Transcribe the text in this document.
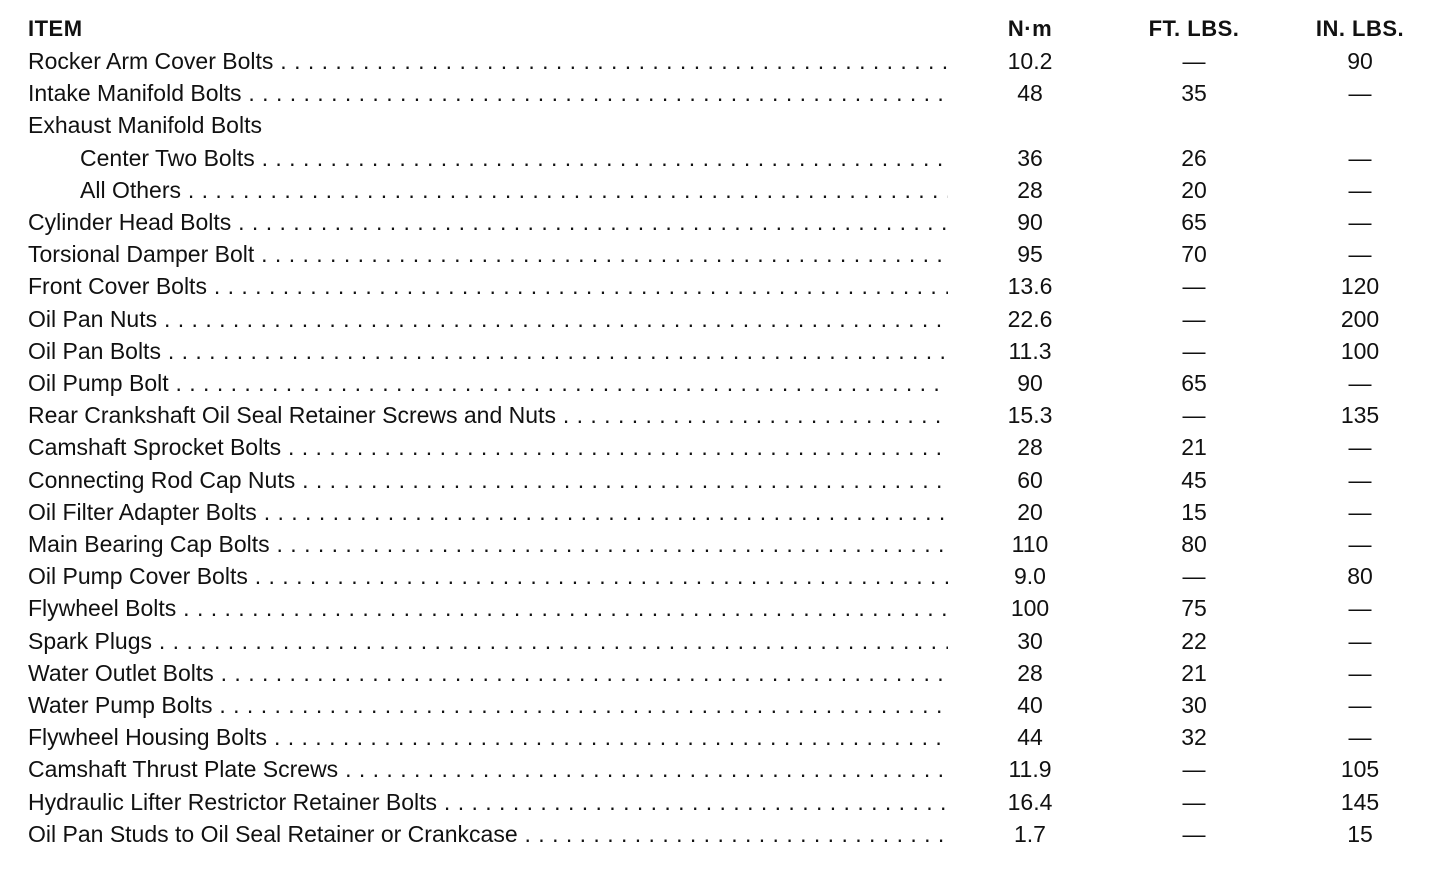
ITEM	N·m	FT. LBS.	IN. LBS.
Rocker Arm Cover Bolts . . .	10.2	—	90
Intake Manifold Bolts . . .	48	35	—
Exhaust Manifold Bolts
Center Two Bolts . . .	36	26	—
All Others . . .	28	20	—
Cylinder Head Bolts . . .	90	65	—
Torsional Damper Bolt . . .	95	70	—
Front Cover Bolts . . .	13.6	—	120
Oil Pan Nuts . . .	22.6	—	200
Oil Pan Bolts . . .	11.3	—	100
Oil Pump Bolt . . .	90	65	—
Rear Crankshaft Oil Seal Retainer Screws and Nuts . . .	15.3	—	135
Camshaft Sprocket Bolts . . .	28	21	—
Connecting Rod Cap Nuts . . .	60	45	—
Oil Filter Adapter Bolts . . .	20	15	—
Main Bearing Cap Bolts . . .	110	80	—
Oil Pump Cover Bolts . . .	9.0	—	80
Flywheel Bolts . . .	100	75	—
Spark Plugs . . .	30	22	—
Water Outlet Bolts . . .	28	21	—
Water Pump Bolts . . .	40	30	—
Flywheel Housing Bolts . . .	44	32	—
Camshaft Thrust Plate Screws . . .	11.9	—	105
Hydraulic Lifter Restrictor Retainer Bolts . . .	16.4	—	145
Oil Pan Studs to Oil Seal Retainer or Crankcase . . .	1.7	—	15
